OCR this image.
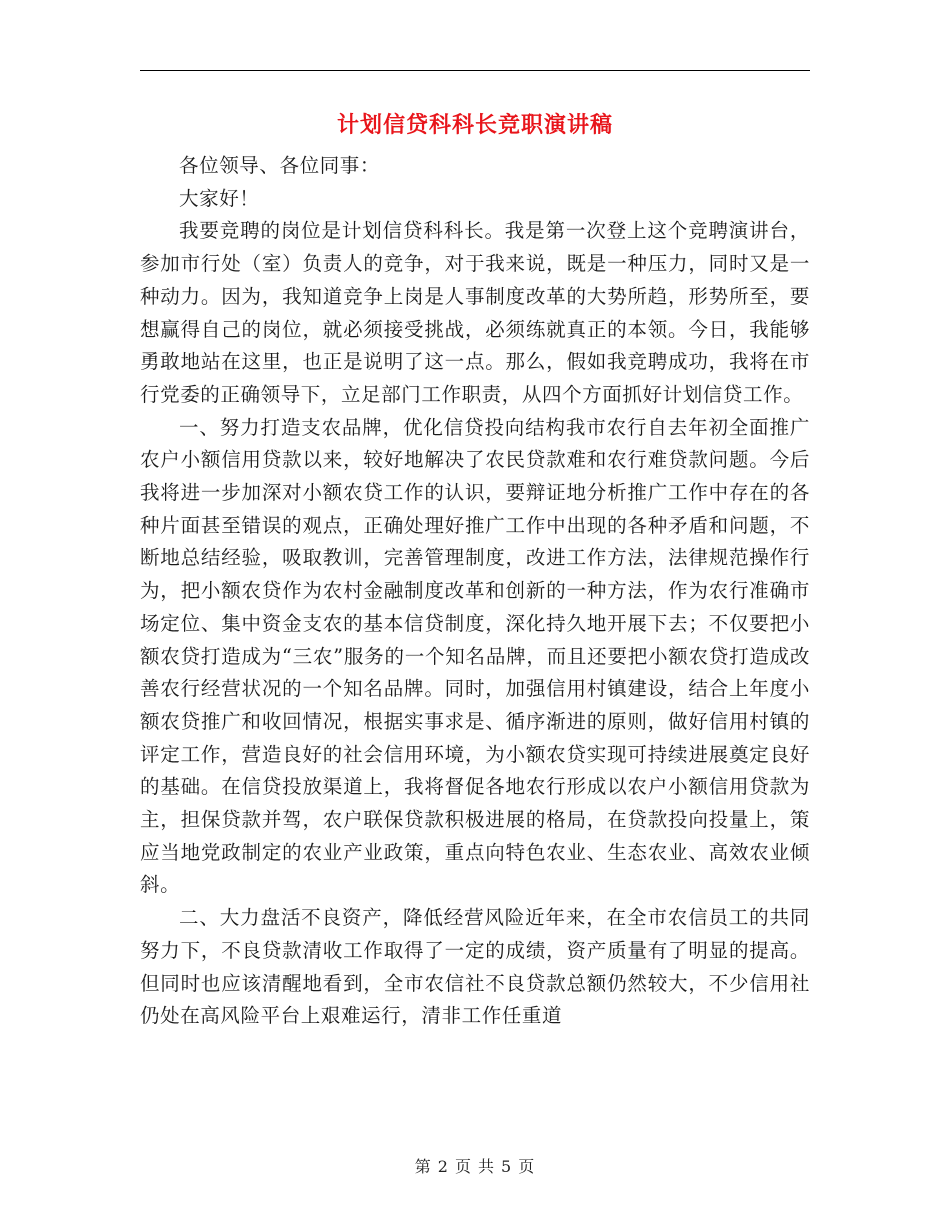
计划信贷科科长竞职演讲稿

各位领导、各位同事：

大家好！

我要竞聘的岗位是计划信贷科科长。我是第一次登上这个竞聘演讲台，参加市行处（室）负责人的竞争，对于我来说，既是一种压力，同时又是一种动力。因为，我知道竞争上岗是人事制度改革的大势所趋，形势所至，要想赢得自己的岗位，就必须接受挑战，必须练就真正的本领。今日，我能够勇敢地站在这里，也正是说明了这一点。那么，假如我竞聘成功，我将在市行党委的正确领导下，立足部门工作职责，从四个方面抓好计划信贷工作。

一、努力打造支农品牌，优化信贷投向结构我市农行自去年初全面推广农户小额信用贷款以来，较好地解决了农民贷款难和农行难贷款问题。今后我将进一步加深对小额农贷工作的认识，要辩证地分析推广工作中存在的各种片面甚至错误的观点，正确处理好推广工作中出现的各种矛盾和问题，不断地总结经验，吸取教训，完善管理制度，改进工作方法，法律规范操作行为，把小额农贷作为农村金融制度改革和创新的一种方法，作为农行准确市场定位、集中资金支农的基本信贷制度，深化持久地开展下去；不仅要把小额农贷打造成为“三农”服务的一个知名品牌，而且还要把小额农贷打造成改善农行经营状况的一个知名品牌。同时，加强信用村镇建设，结合上年度小额农贷推广和收回情况，根据实事求是、循序渐进的原则，做好信用村镇的评定工作，营造良好的社会信用环境，为小额农贷实现可持续进展奠定良好的基础。在信贷投放渠道上，我将督促各地农行形成以农户小额信用贷款为主，担保贷款并驾，农户联保贷款积极进展的格局，在贷款投向投量上，策应当地党政制定的农业产业政策，重点向特色农业、生态农业、高效农业倾斜。

二、大力盘活不良资产，降低经营风险近年来，在全市农信员工的共同努力下，不良贷款清收工作取得了一定的成绩，资产质量有了明显的提高。但同时也应该清醒地看到，全市农信社不良贷款总额仍然较大，不少信用社仍处在高风险平台上艰难运行，清非工作任重道

第 2 页 共 5 页
